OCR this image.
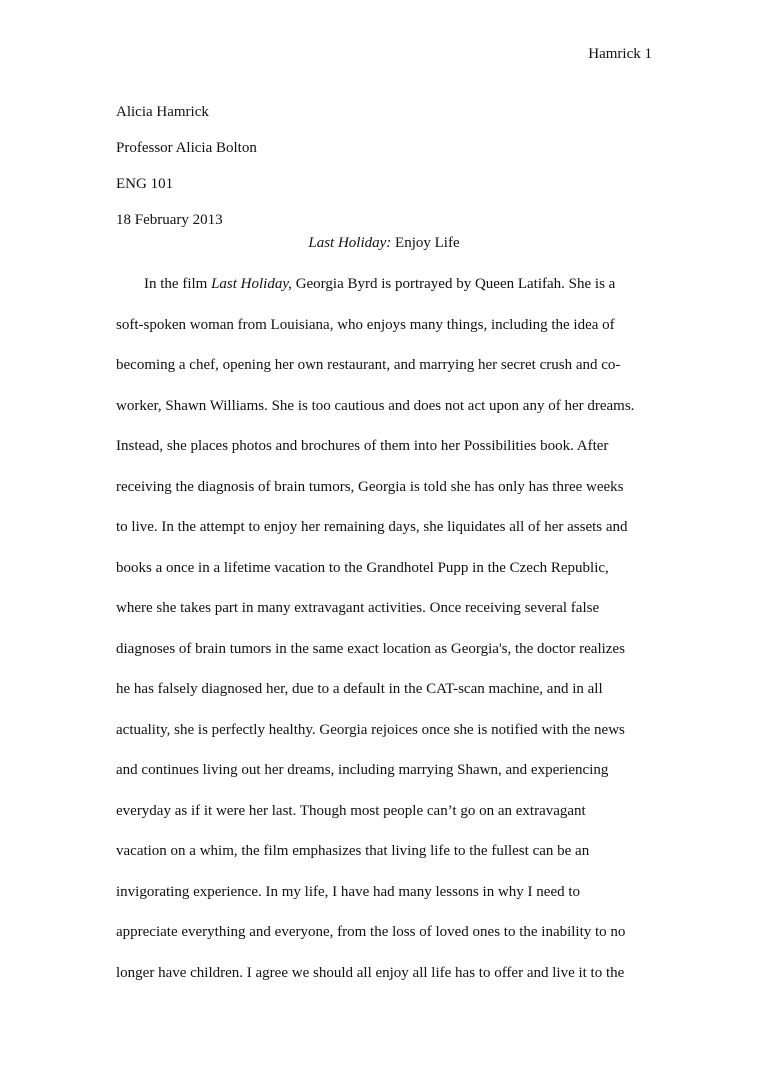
Hamrick 1
Alicia Hamrick
Professor Alicia Bolton
ENG 101
18 February 2013
Last Holiday: Enjoy Life
In the film Last Holiday, Georgia Byrd is portrayed by Queen Latifah. She is a
soft-spoken woman from Louisiana, who enjoys many things, including the idea of
becoming a chef, opening her own restaurant, and marrying her secret crush and co-
worker, Shawn Williams. She is too cautious and does not act upon any of her dreams.
Instead, she places photos and brochures of them into her Possibilities book. After
receiving the diagnosis of brain tumors, Georgia is told she has only has three weeks
to live. In the attempt to enjoy her remaining days, she liquidates all of her assets and
books a once in a lifetime vacation to the Grandhotel Pupp in the Czech Republic,
where she takes part in many extravagant activities. Once receiving several false
diagnoses of brain tumors in the same exact location as Georgia's, the doctor realizes
he has falsely diagnosed her, due to a default in the CAT-scan machine, and in all
actuality, she is perfectly healthy. Georgia rejoices once she is notified with the news
and continues living out her dreams, including marrying Shawn, and experiencing
everyday as if it were her last. Though most people can’t go on an extravagant
vacation on a whim, the film emphasizes that living life to the fullest can be an
invigorating experience. In my life, I have had many lessons in why I need to
appreciate everything and everyone, from the loss of loved ones to the inability to no
longer have children. I agree we should all enjoy all life has to offer and live it to the
